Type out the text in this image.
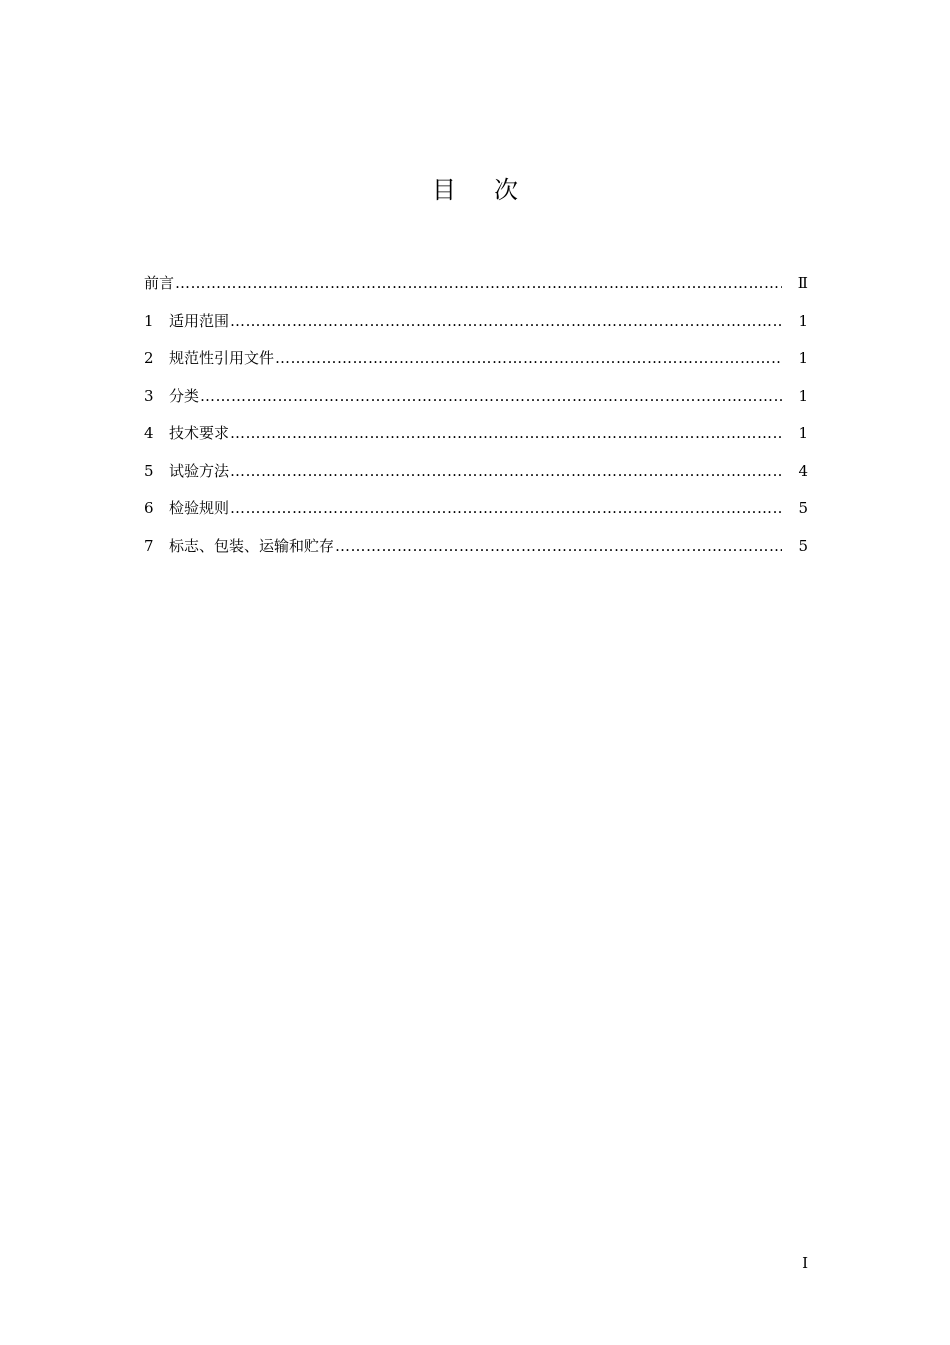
目 次
前言 ……………………………………………………………………………………………………………………………………………………………………………………………………………………	Ⅱ
1	适用范围 ……………………………………………………………………………………………………………………………………………………………………………………………………………………	1
2	规范性引用文件 ……………………………………………………………………………………………………………………………………………………………………………………………………………………	1
3	分类 ……………………………………………………………………………………………………………………………………………………………………………………………………………………	1
4	技术要求 ……………………………………………………………………………………………………………………………………………………………………………………………………………………	1
5	试验方法 ……………………………………………………………………………………………………………………………………………………………………………………………………………………	4
6	检验规则 ……………………………………………………………………………………………………………………………………………………………………………………………………………………	5
7	标志、包装、运输和贮存 ……………………………………………………………………………………………………………………………………………………………………………………………………………………	5
I
